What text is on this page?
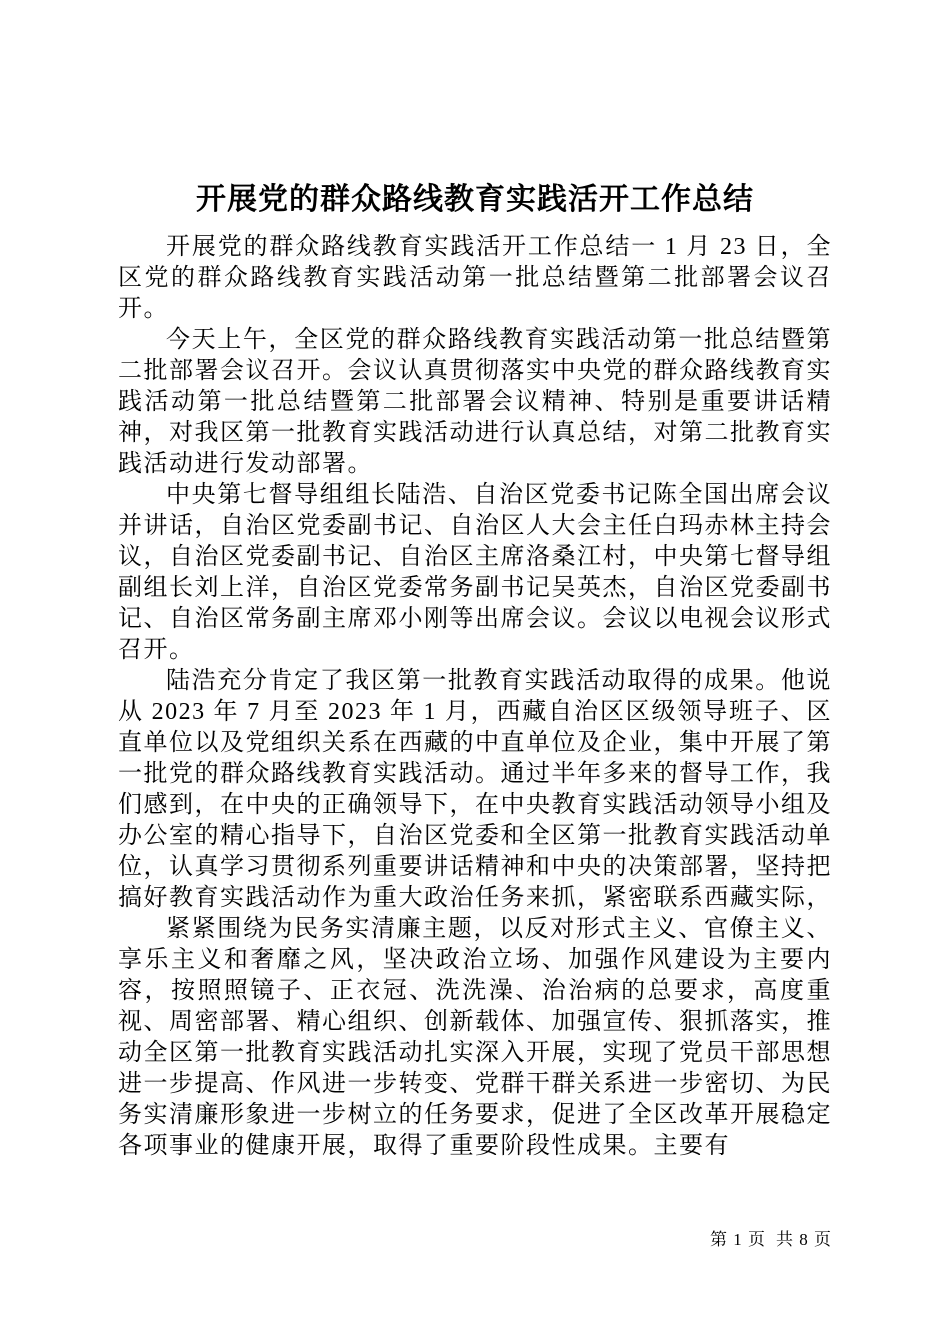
开展党的群众路线教育实践活开工作总结

开展党的群众路线教育实践活开工作总结一 1 月 23 日，全区党的群众路线教育实践活动第一批总结暨第二批部署会议召开。

今天上午，全区党的群众路线教育实践活动第一批总结暨第二批部署会议召开。会议认真贯彻落实中央党的群众路线教育实践活动第一批总结暨第二批部署会议精神、特别是重要讲话精神，对我区第一批教育实践活动进行认真总结，对第二批教育实践活动进行发动部署。

中央第七督导组组长陆浩、自治区党委书记陈全国出席会议并讲话，自治区党委副书记、自治区人大会主任白玛赤林主持会议，自治区党委副书记、自治区主席洛桑江村，中央第七督导组副组长刘上洋，自治区党委常务副书记吴英杰，自治区党委副书记、自治区常务副主席邓小刚等出席会议。会议以电视会议形式召开。

陆浩充分肯定了我区第一批教育实践活动取得的成果。他说从 2023 年 7 月至 2023 年 1 月，西藏自治区区级领导班子、区直单位以及党组织关系在西藏的中直单位及企业，集中开展了第一批党的群众路线教育实践活动。通过半年多来的督导工作，我们感到，在中央的正确领导下，在中央教育实践活动领导小组及办公室的精心指导下，自治区党委和全区第一批教育实践活动单位，认真学习贯彻系列重要讲话精神和中央的决策部署，坚持把搞好教育实践活动作为重大政治任务来抓，紧密联系西藏实际，

紧紧围绕为民务实清廉主题，以反对形式主义、官僚主义、享乐主义和奢靡之风，坚决政治立场、加强作风建设为主要内容，按照照镜子、正衣冠、洗洗澡、治治病的总要求，高度重视、周密部署、精心组织、创新载体、加强宣传、狠抓落实，推动全区第一批教育实践活动扎实深入开展，实现了党员干部思想进一步提高、作风进一步转变、党群干群关系进一步密切、为民务实清廉形象进一步树立的任务要求，促进了全区改革开展稳定各项事业的健康开展，取得了重要阶段性成果。主要有

第 1 页 共 8 页
